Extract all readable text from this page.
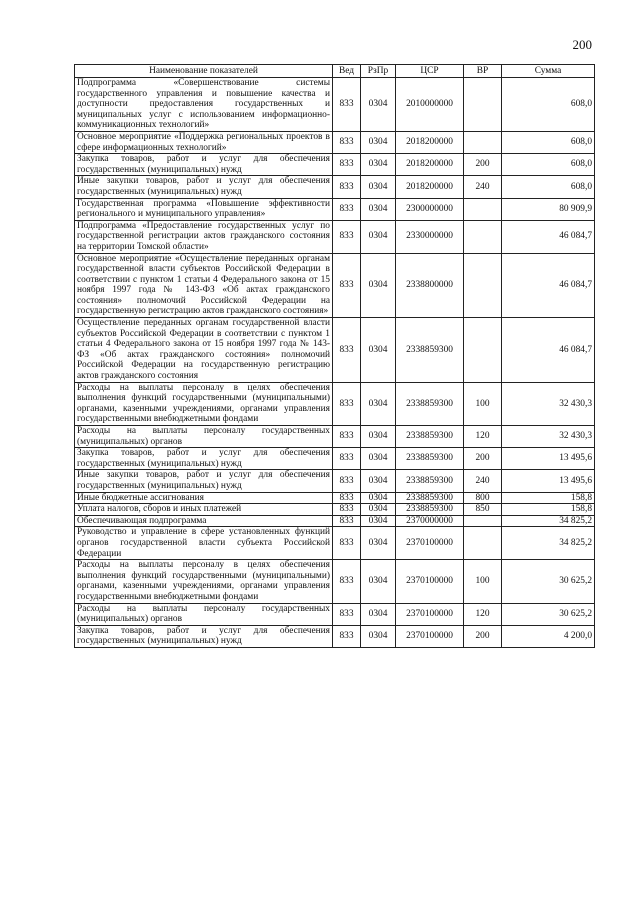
200
Наименование показателей	Вед	РзПр	ЦСР	ВР	Сумма
Подпрограмма «Совершенствование системы государственного управления и повышение качества и доступности предоставления государственных и муниципальных услуг с использованием информационно-коммуникационных технологий»	833	0304	2010000000		608,0
Основное мероприятие «Поддержка региональных проектов в сфере информационных технологий»	833	0304	2018200000		608,0
Закупка товаров, работ и услуг для обеспечения государственных (муниципальных) нужд	833	0304	2018200000	200	608,0
Иные закупки товаров, работ и услуг для обеспечения государственных (муниципальных) нужд	833	0304	2018200000	240	608,0
Государственная программа «Повышение эффективности регионального и муниципального управления»	833	0304	2300000000		80 909,9
Подпрограмма «Предоставление государственных услуг по государственной регистрации актов гражданского состояния на территории Томской области»	833	0304	2330000000		46 084,7
Основное мероприятие «Осуществление переданных органам государственной власти субъектов Российской Федерации в соответствии с пунктом 1 статьи 4 Федерального закона от 15 ноября 1997 года № 143-ФЗ «Об актах гражданского состояния» полномочий Российской Федерации на государственную регистрацию актов гражданского состояния»	833	0304	2338800000		46 084,7
Осуществление переданных органам государственной власти субъектов Российской Федерации в соответствии с пунктом 1 статьи 4 Федерального закона от 15 ноября 1997 года № 143-ФЗ «Об актах гражданского состояния» полномочий Российской Федерации на государственную регистрацию актов гражданского состояния	833	0304	2338859300		46 084,7
Расходы на выплаты персоналу в целях обеспечения выполнения функций государственными (муниципальными) органами, казенными учреждениями, органами управления государственными внебюджетными фондами	833	0304	2338859300	100	32 430,3
Расходы на выплаты персоналу государственных (муниципальных) органов	833	0304	2338859300	120	32 430,3
Закупка товаров, работ и услуг для обеспечения государственных (муниципальных) нужд	833	0304	2338859300	200	13 495,6
Иные закупки товаров, работ и услуг для обеспечения государственных (муниципальных) нужд	833	0304	2338859300	240	13 495,6
Иные бюджетные ассигнования	833	0304	2338859300	800	158,8
Уплата налогов, сборов и иных платежей	833	0304	2338859300	850	158,8
Обеспечивающая подпрограмма	833	0304	2370000000		34 825,2
Руководство и управление в сфере установленных функций органов государственной власти субъекта Российской Федерации	833	0304	2370100000		34 825,2
Расходы на выплаты персоналу в целях обеспечения выполнения функций государственными (муниципальными) органами, казенными учреждениями, органами управления государственными внебюджетными фондами	833	0304	2370100000	100	30 625,2
Расходы на выплаты персоналу государственных (муниципальных) органов	833	0304	2370100000	120	30 625,2
Закупка товаров, работ и услуг для обеспечения государственных (муниципальных) нужд	833	0304	2370100000	200	4 200,0
